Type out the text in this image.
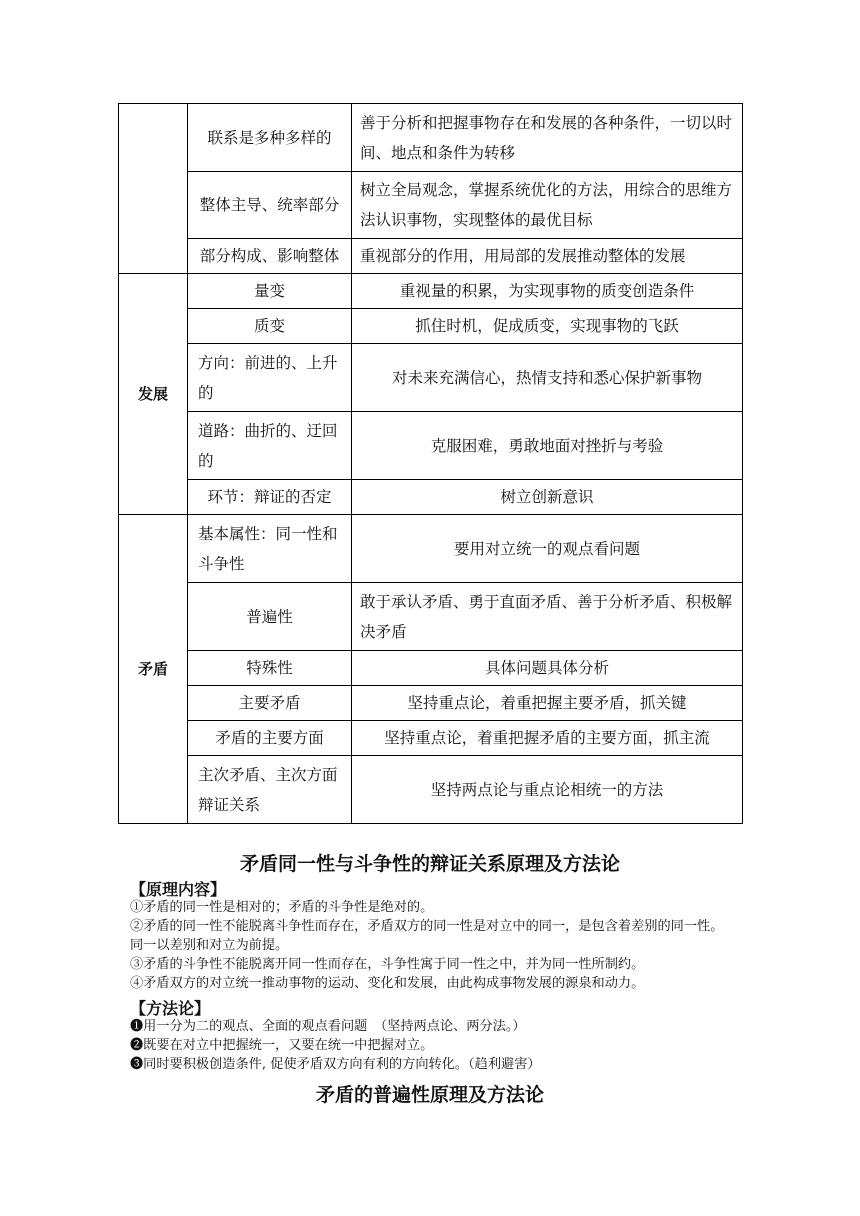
	联系是多种多样的	善于分析和把握事物存在和发展的各种条件，一切以时间、地点和条件为转移
	整体主导、统率部分	树立全局观念，掌握系统优化的方法，用综合的思维方法认识事物，实现整体的最优目标
	部分构成、影响整体	重视部分的作用，用局部的发展推动整体的发展
发展	量变	重视量的积累，为实现事物的质变创造条件
	质变	抓住时机，促成质变，实现事物的飞跃
	方向：前进的、上升的	对未来充满信心，热情支持和悉心保护新事物
	道路：曲折的、迂回的	克服困难，勇敢地面对挫折与考验
	环节：辩证的否定	树立创新意识
矛盾	基本属性：同一性和斗争性	要用对立统一的观点看问题
	普遍性	敢于承认矛盾、勇于直面矛盾、善于分析矛盾、积极解决矛盾
	特殊性	具体问题具体分析
	主要矛盾	坚持重点论，着重把握主要矛盾，抓关键
	矛盾的主要方面	坚持重点论，着重把握矛盾的主要方面，抓主流
	主次矛盾、主次方面辩证关系	坚持两点论与重点论相统一的方法
矛盾同一性与斗争性的辩证关系原理及方法论
【原理内容】
①矛盾的同一性是相对的；矛盾的斗争性是绝对的。
②矛盾的同一性不能脱离斗争性而存在，矛盾双方的同一性是对立中的同一，是包含着差别的同一性。同一以差别和对立为前提。
③矛盾的斗争性不能脱离开同一性而存在，斗争性寓于同一性之中，并为同一性所制约。
④矛盾双方的对立统一推动事物的运动、变化和发展，由此构成事物发展的源泉和动力。
【方法论】
❶用一分为二的观点、全面的观点看问题　（坚持两点论、两分法。）
❷既要在对立中把握统一，又要在统一中把握对立。
❸同时要积极创造条件, 促使矛盾双方向有利的方向转化。（趋利避害）
矛盾的普遍性原理及方法论
